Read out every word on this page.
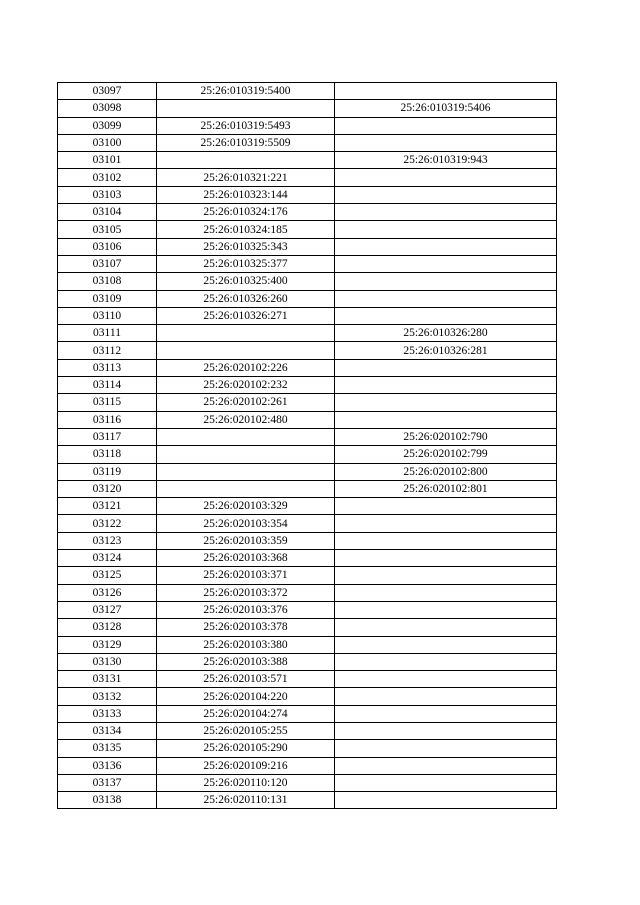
03097	25:26:010319:5400	
03098		25:26:010319:5406
03099	25:26:010319:5493	
03100	25:26:010319:5509	
03101		25:26:010319:943
03102	25:26:010321:221	
03103	25:26:010323:144	
03104	25:26:010324:176	
03105	25:26:010324:185	
03106	25:26:010325:343	
03107	25:26:010325:377	
03108	25:26:010325:400	
03109	25:26:010326:260	
03110	25:26:010326:271	
03111		25:26:010326:280
03112		25:26:010326:281
03113	25:26:020102:226	
03114	25:26:020102:232	
03115	25:26:020102:261	
03116	25:26:020102:480	
03117		25:26:020102:790
03118		25:26:020102:799
03119		25:26:020102:800
03120		25:26:020102:801
03121	25:26:020103:329	
03122	25:26:020103:354	
03123	25:26:020103:359	
03124	25:26:020103:368	
03125	25:26:020103:371	
03126	25:26:020103:372	
03127	25:26:020103:376	
03128	25:26:020103:378	
03129	25:26:020103:380	
03130	25:26:020103:388	
03131	25:26:020103:571	
03132	25:26:020104:220	
03133	25:26:020104:274	
03134	25:26:020105:255	
03135	25:26:020105:290	
03136	25:26:020109:216	
03137	25:26:020110:120	
03138	25:26:020110:131	
